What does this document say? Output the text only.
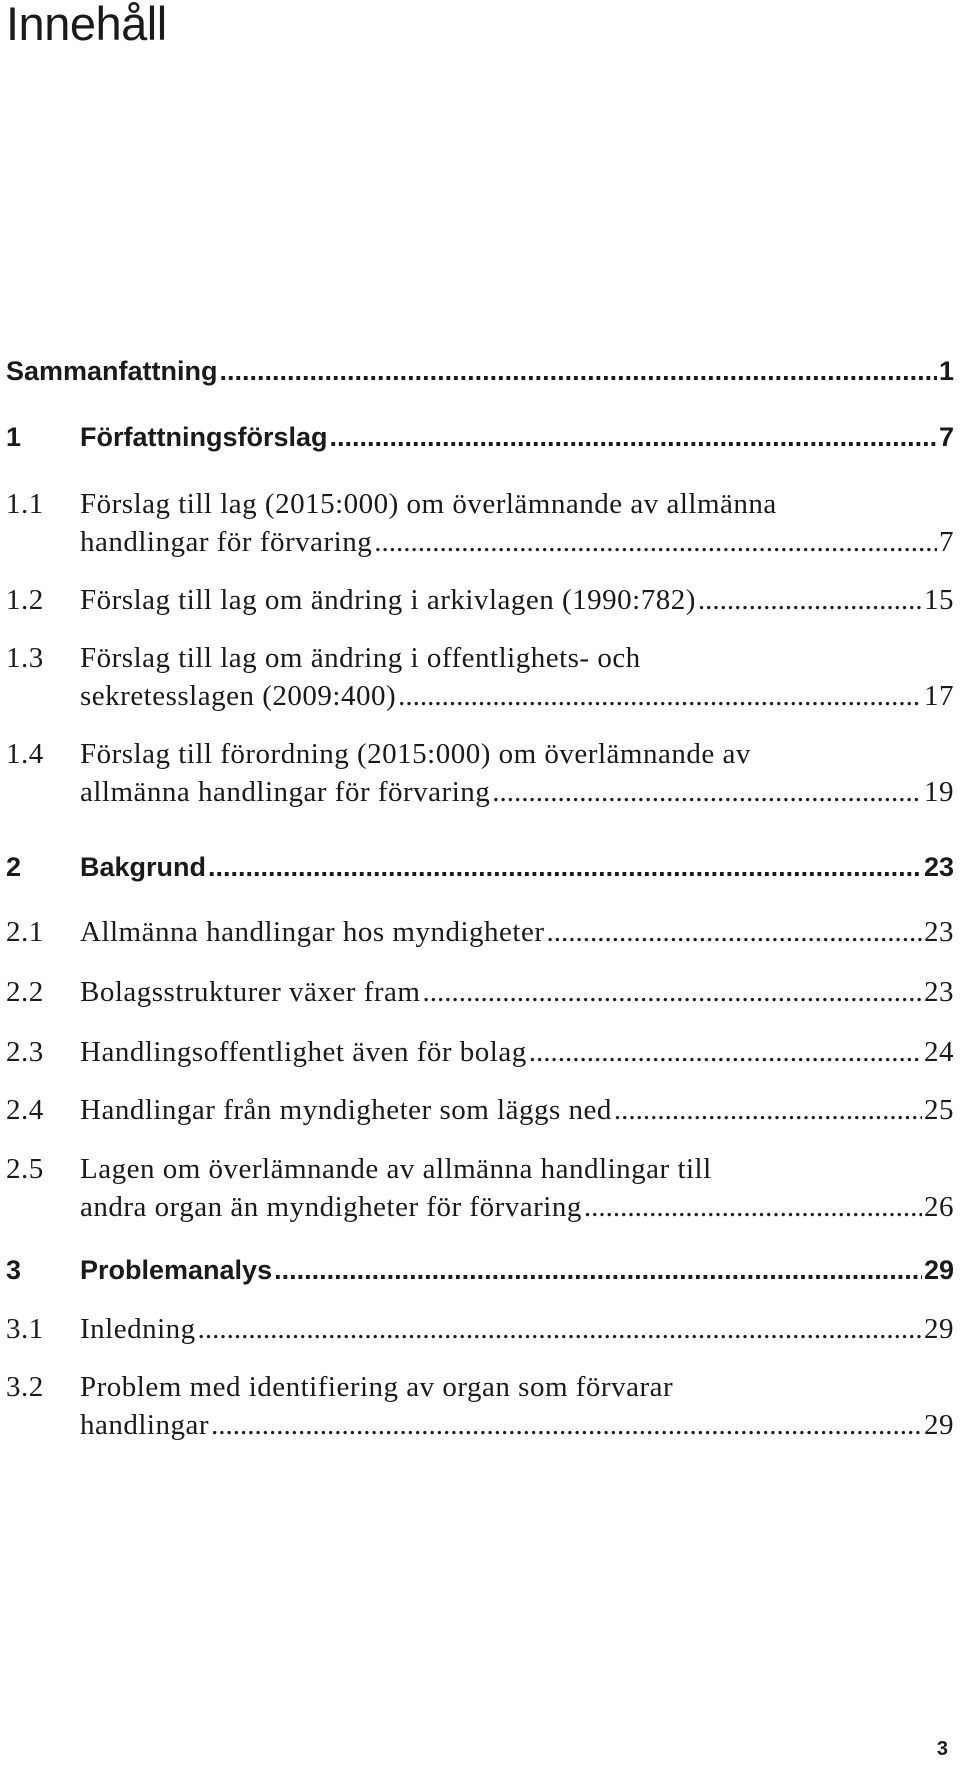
Innehåll
Sammanfattning .....	1
1	Författningsförslag .....	7
1.1	Förslag till lag (2015:000) om överlämnande av allmänna
handlingar för förvaring .....	7
1.2	Förslag till lag om ändring i arkivlagen (1990:782) .....	15
1.3	Förslag till lag om ändring i offentlighets- och
sekretesslagen (2009:400) .....	17
1.4	Förslag till förordning (2015:000) om överlämnande av
allmänna handlingar för förvaring .....	19
2	Bakgrund .....	23
2.1	Allmänna handlingar hos myndigheter .....	23
2.2	Bolagsstrukturer växer fram .....	23
2.3	Handlingsoffentlighet även för bolag .....	24
2.4	Handlingar från myndigheter som läggs ned .....	25
2.5	Lagen om överlämnande av allmänna handlingar till
andra organ än myndigheter för förvaring .....	26
3	Problemanalys .....	29
3.1	Inledning .....	29
3.2	Problem med identifiering av organ som förvarar
handlingar .....	29
3
